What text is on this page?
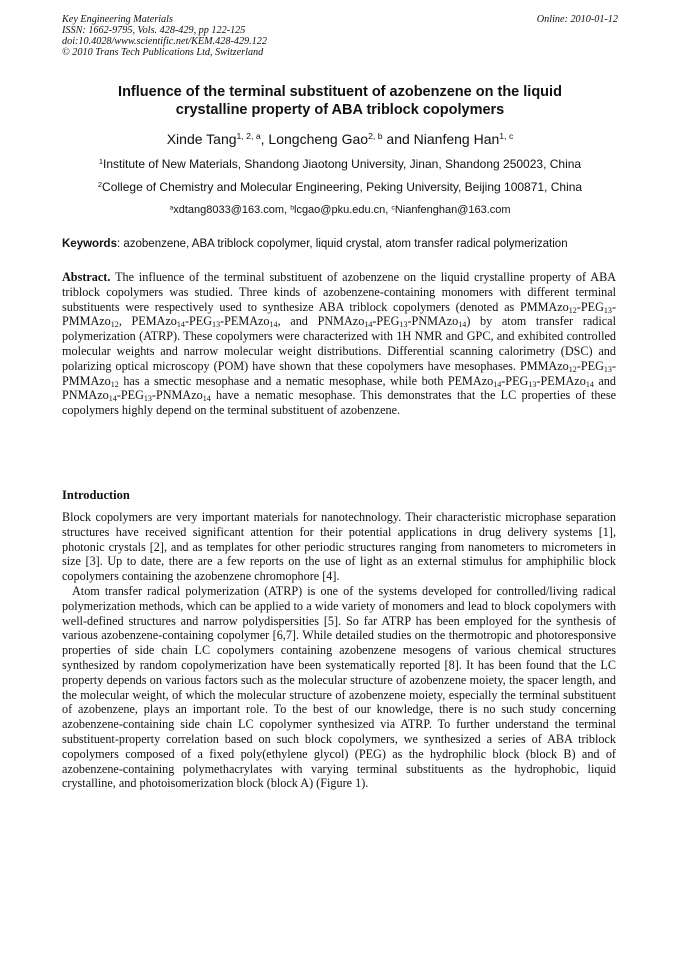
Key Engineering Materials
ISSN: 1662-9795, Vols. 428-429, pp 122-125
doi:10.4028/www.scientific.net/KEM.428-429.122
© 2010 Trans Tech Publications Ltd, Switzerland
Online: 2010-01-12
Influence of the terminal substituent of azobenzene on the liquid
crystalline property of ABA triblock copolymers
Xinde Tang$^{1, 2, a}$, Longcheng Gao$^{2, b}$ and Nianfeng Han$^{1, c}$
$^1$Institute of New Materials, Shandong Jiaotong University, Jinan, Shandong 250023, China
$^2$College of Chemistry and Molecular Engineering, Peking University, Beijing 100871, China
$^a$xdtang8033@163.com, $^b$lcgao@pku.edu.cn, $^c$Nianfenghan@163.com
Keywords: azobenzene, ABA triblock copolymer, liquid crystal, atom transfer radical polymerization
Abstract. The influence of the terminal substituent of azobenzene on the liquid crystalline property of ABA triblock copolymers was studied. Three kinds of azobenzene-containing monomers with different terminal substituents were respectively used to synthesize ABA triblock copolymers (denoted as $PMMAzo_{12}-PEG_{13}-PMMAzo_{12}$, $PEMAzo_{14}-PEG_{13}-PEMAzo_{14}$, and $PNMAzo_{14}-PEG_{13}-PNMAzo_{14}$) by atom transfer radical polymerization (ATRP). These copolymers were characterized with 1H NMR and GPC, and exhibited controlled molecular weights and narrow molecular weight distributions. Differential scanning calorimetry (DSC) and polarizing optical microscopy (POM) have shown that these copolymers have mesophases. $PMMAzo_{12}-PEG_{13}-PMMAzo_{12}$ has a smectic mesophase and a nematic mesophase, while both $PEMAzo_{14}-PEG_{13}-PEMAzo_{14}$ and $PNMAzo_{14}-PEG_{13}-PNMAzo_{14}$ have a nematic mesophase. This demonstrates that the LC properties of these copolymers highly depend on the terminal substituent of azobenzene.
Introduction
Block copolymers are very important materials for nanotechnology. Their characteristic microphase separation structures have received significant attention for their potential applications in drug delivery systems [1], photonic crystals [2], and as templates for other periodic structures ranging from nanometers to micrometers in size [3]. Up to date, there are a few reports on the use of light as an external stimulus for amphiphilic block copolymers containing the azobenzene chromophore [4].
Atom transfer radical polymerization (ATRP) is one of the systems developed for controlled/living radical polymerization methods, which can be applied to a wide variety of monomers and lead to block copolymers with well-defined structures and narrow polydispersities [5]. So far ATRP has been employed for the synthesis of various azobenzene-containing copolymer [6,7]. While detailed studies on the thermotropic and photoresponsive properties of side chain LC copolymers containing azobenzene mesogens of various chemical structures synthesized by random copolymerization have been systematically reported [8]. It has been found that the LC property depends on various factors such as the molecular structure of azobenzene moiety, the spacer length, and the molecular weight, of which the molecular structure of azobenzene moiety, especially the terminal substituent of azobenzene, plays an important role. To the best of our knowledge, there is no such study concerning azobenzene-containing side chain LC copolymer synthesized via ATRP. To further understand the terminal substituent-property correlation based on such block copolymers, we synthesized a series of ABA triblock copolymers composed of a fixed poly(ethylene glycol) (PEG) as the hydrophilic block (block B) and of azobenzene-containing polymethacrylates with varying terminal substituents as the hydrophobic, liquid crystalline, and photoisomerization block (block A) (Figure 1).
